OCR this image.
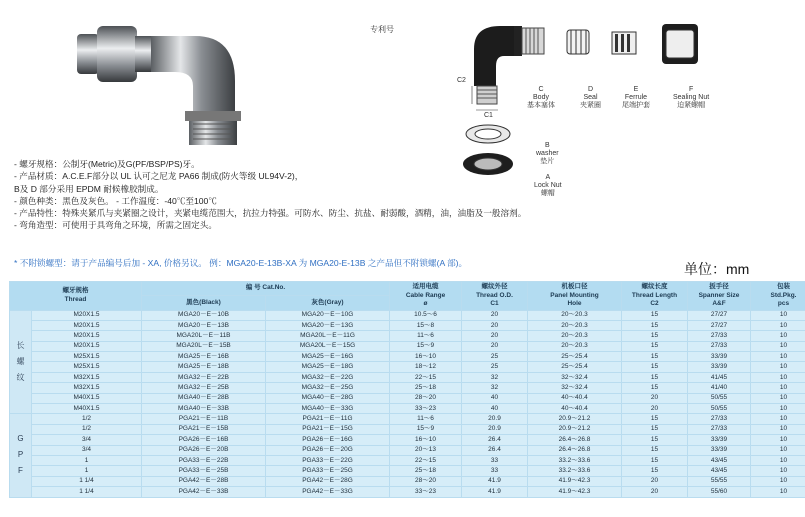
专利号
C2
C1
C
Body
基本塞体
D
Seal
夹紧圈
E
Ferrule
尾端护套
F
Sealing Nut
迫紧螺帽
B
washer
垫片
A
Lock Nut
螺帽
- 螺牙规格：公制牙(Metric)及G(PF/BSP/PS)牙。
- 产品材质：A.C.E.F部分以 UL 认可之尼龙 PA66 制成(防火等级 UL94V-2)，
B及 D 部分采用 EPDM 耐候橡胶制成。
- 颜色种类：黑色及灰色。 - 工作温度：-40℃至100℃
- 产品特性：特殊夹紧爪与夹紧圈之设计，夹紧电缆范围大，抗拉力特强。可防水、防尘、抗盐、耐弱酸，酒精，油，油脂及一般溶剂。
- 弯角造型：可使用于具弯角之环境，所需之固定头。
* 不附锁螺型：请于产品编号后加 - XA, 价格另议。 例：MGA20-E-13B-XA 为 MGA20-E-13B 之产品但不附锁螺(A 部)。	单位：mm
螺牙规格
Thread		编 号 Cat.No.		适用电缆
Cable Range
ø	螺纹外径
Thread O.D.
C1	机板口径
Panel Mounting
Hole	螺纹长度
Thread Length
C2	扳手径
Spanner Size
A&F	包装
Std.Pkg.
pcs
		黑色(Black)	灰色(Gray)						
长

螺

纹	M20X1.5	MGA20－E－10B	MGA20－E－10G	10.5～6	20	20～20.3	15	27/27	10
	M20X1.5	MGA20－E－13B	MGA20－E－13G	15～8	20	20～20.3	15	27/27	10
	M20X1.5	MGA20L－E－11B	MGA20L－E－11G	11～6	20	20～20.3	15	27/33	10
	M20X1.5	MGA20L－E－15B	MGA20L－E－15G	15～9	20	20～20.3	15	27/33	10
	M25X1.5	MGA25－E－16B	MGA25－E－16G	16～10	25	25～25.4	15	33/39	10
	M25X1.5	MGA25－E－18B	MGA25－E－18G	18～12	25	25～25.4	15	33/39	10
	M32X1.5	MGA32－E－22B	MGA32－E－22G	22～15	32	32～32.4	15	41/45	10
	M32X1.5	MGA32－E－25B	MGA32－E－25G	25～18	32	32～32.4	15	41/40	10
	M40X1.5	MGA40－E－28B	MGA40－E－28G	28～20	40	40～40.4	20	50/55	10
	M40X1.5	MGA40－E－33B	MGA40－E－33G	33～23	40	40～40.4	20	50/55	10
G

P

F	1/2	PGA21－E－11B	PGA21－E－11G	11～6	20.9	20.9～21.2	15	27/33	10
	1/2	PGA21－E－15B	PGA21－E－15G	15～9	20.9	20.9～21.2	15	27/33	10
	3/4	PGA26－E－16B	PGA26－E－16G	16～10	26.4	26.4～26.8	15	33/39	10
	3/4	PGA26－E－20B	PGA26－E－20G	20～13	26.4	26.4～26.8	15	33/39	10
	1	PGA33－E－22B	PGA33－E－22G	22～15	33	33.2～33.6	15	43/45	10
	1	PGA33－E－25B	PGA33－E－25G	25～18	33	33.2～33.6	15	43/45	10
	1 1/4	PGA42－E－28B	PGA42－E－28G	28～20	41.9	41.9～42.3	20	55/55	10
	1 1/4	PGA42－E－33B	PGA42－E－33G	33～23	41.9	41.9～42.3	20	55/60	10
